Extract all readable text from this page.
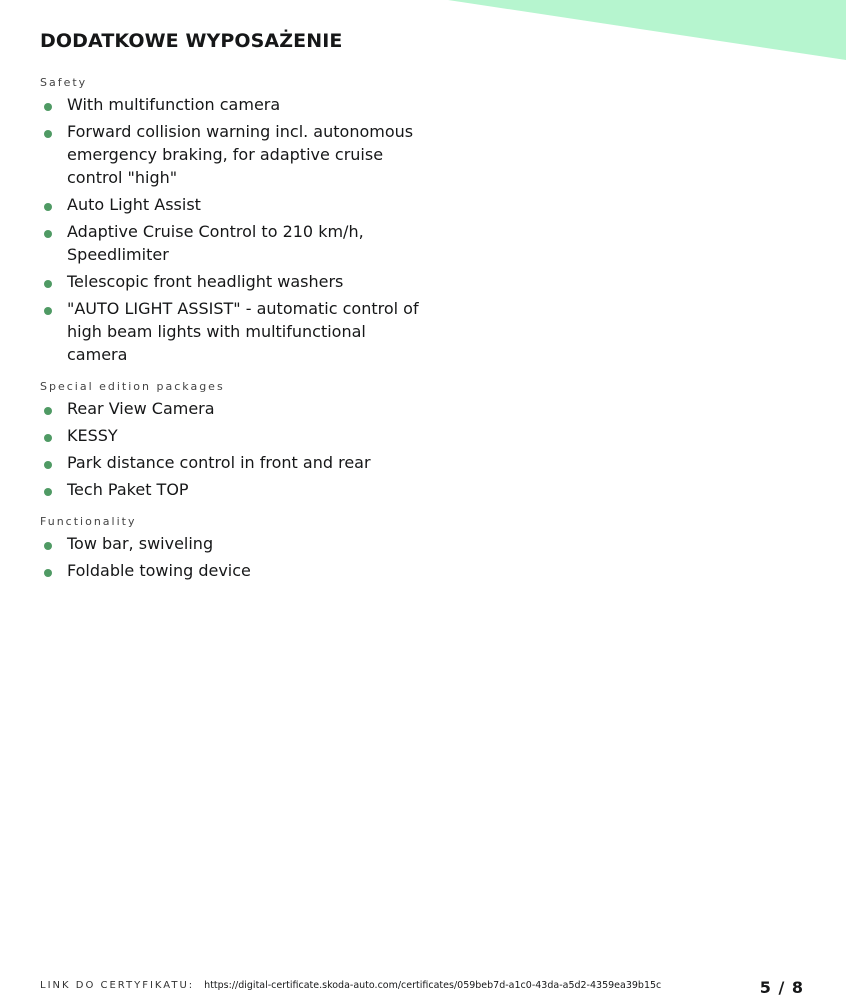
DODATKOWE WYPOSAŻENIE
Safety
With multifunction camera
Forward collision warning incl. autonomous emergency braking, for adaptive cruise control "high"
Auto Light Assist
Adaptive Cruise Control to 210 km/h, Speedlimiter
Telescopic front headlight washers
"AUTO LIGHT ASSIST" - automatic control of high beam lights with multifunctional camera
Special edition packages
Rear View Camera
KESSY
Park distance control in front and rear
Tech Paket TOP
Functionality
Tow bar, swiveling
Foldable towing device
LINK DO CERTYFIKATU: https://digital-certificate.skoda-auto.com/certificates/059beb7d-a1c0-43da-a5d2-4359ea39b15c	5 / 8
